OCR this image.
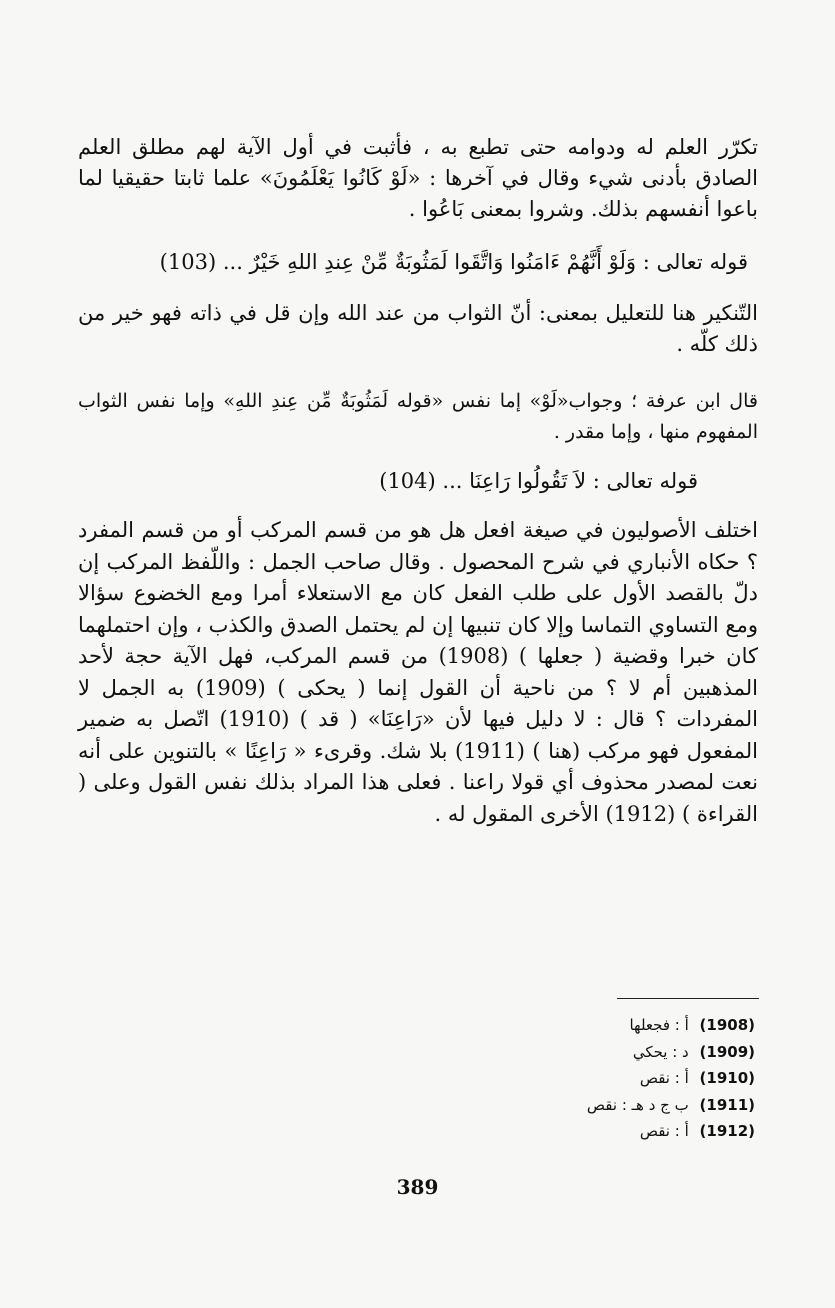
تكرّر العلم له ودوامه حتى تطبع به ، فأثبت في أول الآية لهم مطلق العلم الصادق بأدنى شيء وقال في آخرها : «لَوْ كَانُوا يَعْلَمُونَ» علما ثابتا حقيقيا لما باعوا أنفسهم بذلك. وشروا بمعنى بَاعُوا .

قوله تعالى : وَلَوْ أَنَّهُمْ ءَامَنُوا وَاتَّقَوا لَمَثُوبَةٌ مِّنْ عِندِ اللهِ خَيْرٌ ... (103)

التّنكير هنا للتعليل بمعنى: أنّ الثواب من عند الله وإن قل في ذاته فهو خير من ذلك كلّه .

قال ابن عرفة ؛ وجواب«لَوْ» إما نفس «قوله لَمَثُوبَةٌ مِّن عِندِ اللهِ» وإما نفس الثواب المفهوم منها ، وإما مقدر .

قوله تعالى : لاَ تَقُولُوا رَاعِنَا ... (104)

اختلف الأصوليون في صيغة افعل هل هو من قسم المركب أو من قسم المفرد ؟ حكاه الأنباري في شرح المحصول . وقال صاحب الجمل : واللّفظ المركب إن دلّ بالقصد الأول على طلب الفعل كان مع الاستعلاء أمرا ومع الخضوع سؤالا ومع التساوي التماسا وإلا كان تنبيها إن لم يحتمل الصدق والكذب ، وإن احتملهما كان خبرا وقضية ( جعلها ) (1908) من قسم المركب، فهل الآية حجة لأحد المذهبين أم لا ؟ من ناحية أن القول إنما ( يحكى ) (1909) به الجمل لا المفردات ؟ قال : لا دليل فيها لأن «رَاعِنَا» ( قد ) (1910) اتّصل به ضمير المفعول فهو مركب (هنا ) (1911) بلا شك. وقرىء « رَاعِنًا » بالتنوين على أنه نعت لمصدر محذوف أي قولا راعنا . فعلى هذا المراد بذلك نفس القول وعلى ( القراءة ) (1912) الأخرى المقول له .

(1908) أ : فجعلها
(1909) د : يحكي
(1910) أ : نقص
(1911) ب ج د هـ : نقص
(1912) أ : نقص
389
